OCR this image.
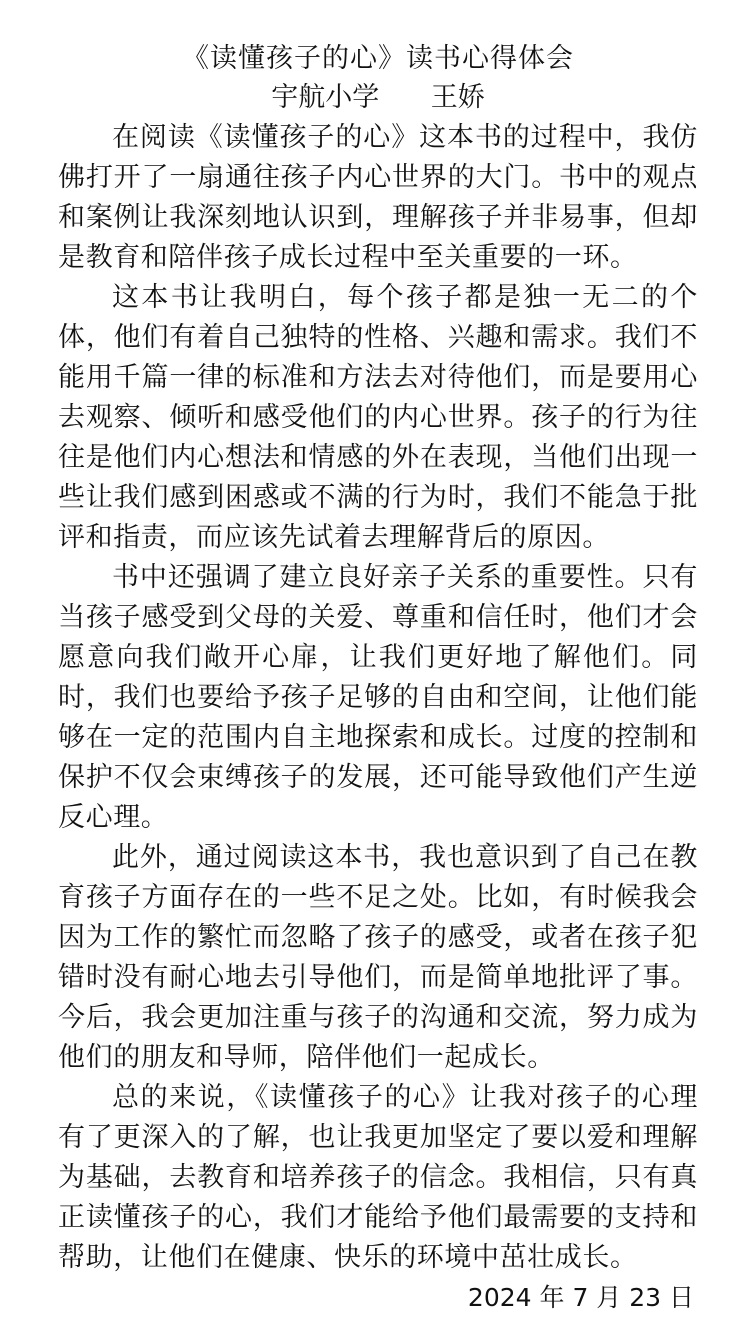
《读懂孩子的心》读书心得体会

宇航小学 王娇

在阅读《读懂孩子的心》这本书的过程中，我仿佛打开了一扇通往孩子内心世界的大门。书中的观点和案例让我深刻地认识到，理解孩子并非易事，但却是教育和陪伴孩子成长过程中至关重要的一环。

这本书让我明白，每个孩子都是独一无二的个体，他们有着自己独特的性格、兴趣和需求。我们不能用千篇一律的标准和方法去对待他们，而是要用心去观察、倾听和感受他们的内心世界。孩子的行为往往是他们内心想法和情感的外在表现，当他们出现一些让我们感到困惑或不满的行为时，我们不能急于批评和指责，而应该先试着去理解背后的原因。

书中还强调了建立良好亲子关系的重要性。只有当孩子感受到父母的关爱、尊重和信任时，他们才会愿意向我们敞开心扉，让我们更好地了解他们。同时，我们也要给予孩子足够的自由和空间，让他们能够在一定的范围内自主地探索和成长。过度的控制和保护不仅会束缚孩子的发展，还可能导致他们产生逆反心理。

此外，通过阅读这本书，我也意识到了自己在教育孩子方面存在的一些不足之处。比如，有时候我会因为工作的繁忙而忽略了孩子的感受，或者在孩子犯错时没有耐心地去引导他们，而是简单地批评了事。今后，我会更加注重与孩子的沟通和交流，努力成为他们的朋友和导师，陪伴他们一起成长。

总的来说，《读懂孩子的心》让我对孩子的心理有了更深入的了解，也让我更加坚定了要以爱和理解为基础，去教育和培养孩子的信念。我相信，只有真正读懂孩子的心，我们才能给予他们最需要的支持和帮助，让他们在健康、快乐的环境中茁壮成长。

2024 年 7 月 23 日
